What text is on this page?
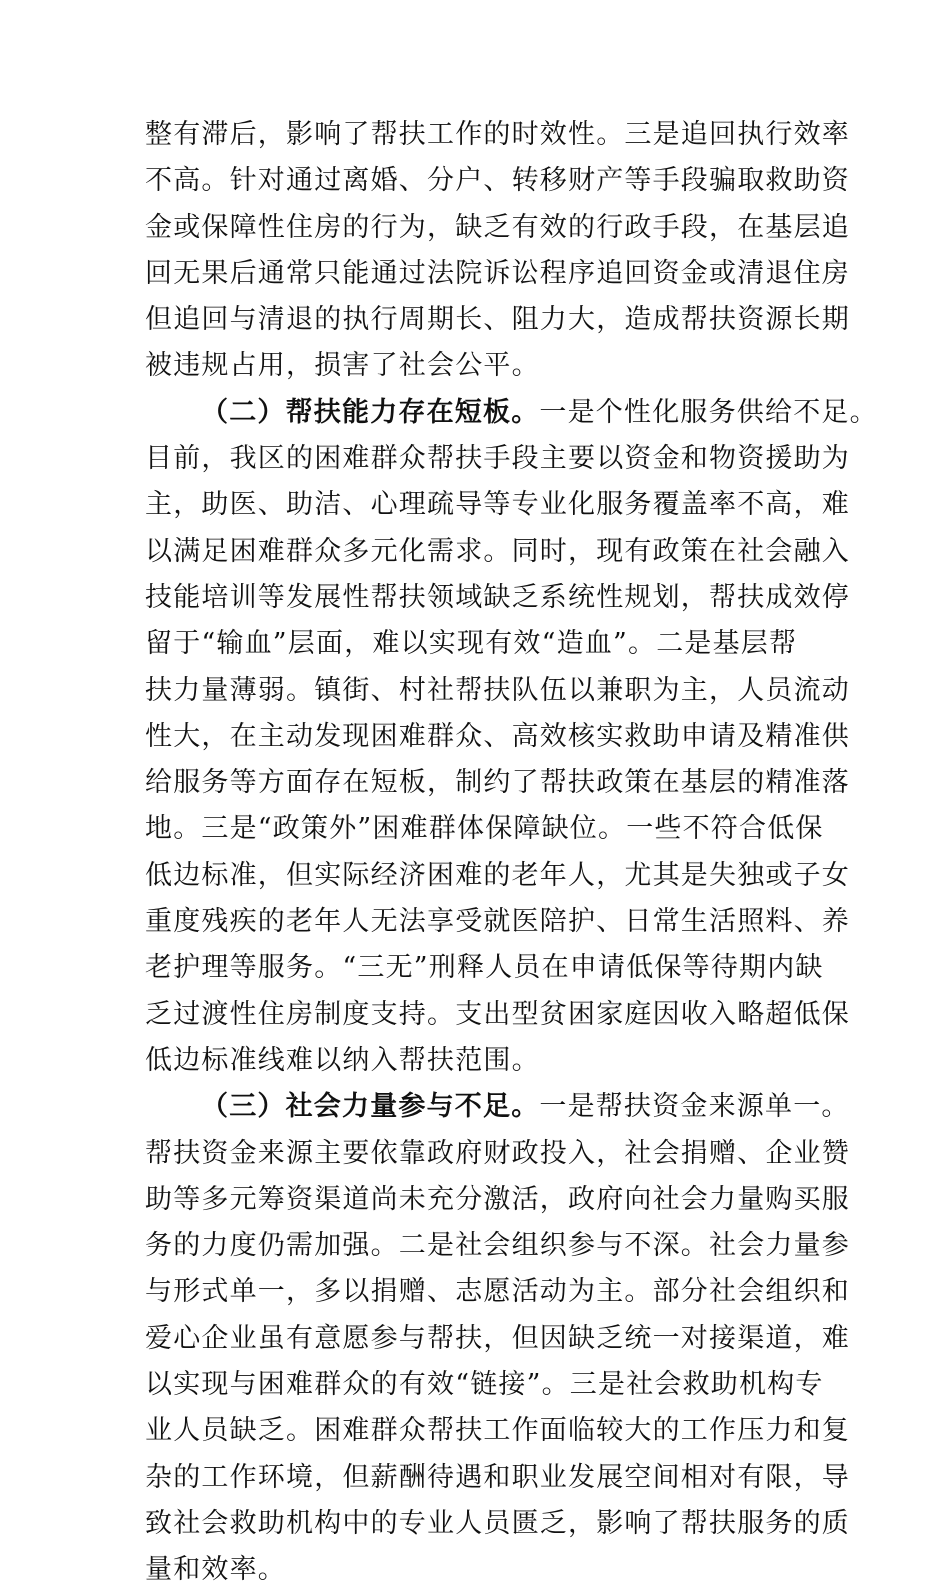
整有滞后，影响了帮扶工作的时效性。三是追回执行效率
不高。针对通过离婚、分户、转移财产等手段骗取救助资
金或保障性住房的行为，缺乏有效的行政手段，在基层追
回无果后通常只能通过法院诉讼程序追回资金或清退住房
但追回与清退的执行周期长、阻力大，造成帮扶资源长期
被违规占用，损害了社会公平。
（二）帮扶能力存在短板。一是个性化服务供给不足。
目前，我区的困难群众帮扶手段主要以资金和物资援助为
主，助医、助洁、心理疏导等专业化服务覆盖率不高，难
以满足困难群众多元化需求。同时，现有政策在社会融入
技能培训等发展性帮扶领域缺乏系统性规划，帮扶成效停
留于“输血”层面，难以实现有效“造血”。二是基层帮
扶力量薄弱。镇街、村社帮扶队伍以兼职为主，人员流动
性大，在主动发现困难群众、高效核实救助申请及精准供
给服务等方面存在短板，制约了帮扶政策在基层的精准落
地。三是“政策外”困难群体保障缺位。一些不符合低保
低边标准，但实际经济困难的老年人，尤其是失独或子女
重度残疾的老年人无法享受就医陪护、日常生活照料、养
老护理等服务。“三无”刑释人员在申请低保等待期内缺
乏过渡性住房制度支持。支出型贫困家庭因收入略超低保
低边标准线难以纳入帮扶范围。
（三）社会力量参与不足。一是帮扶资金来源单一。
帮扶资金来源主要依靠政府财政投入，社会捐赠、企业赞
助等多元筹资渠道尚未充分激活，政府向社会力量购买服
务的力度仍需加强。二是社会组织参与不深。社会力量参
与形式单一，多以捐赠、志愿活动为主。部分社会组织和
爱心企业虽有意愿参与帮扶，但因缺乏统一对接渠道，难
以实现与困难群众的有效“链接”。三是社会救助机构专
业人员缺乏。困难群众帮扶工作面临较大的工作压力和复
杂的工作环境，但薪酬待遇和职业发展空间相对有限，导
致社会救助机构中的专业人员匮乏，影响了帮扶服务的质
量和效率。
